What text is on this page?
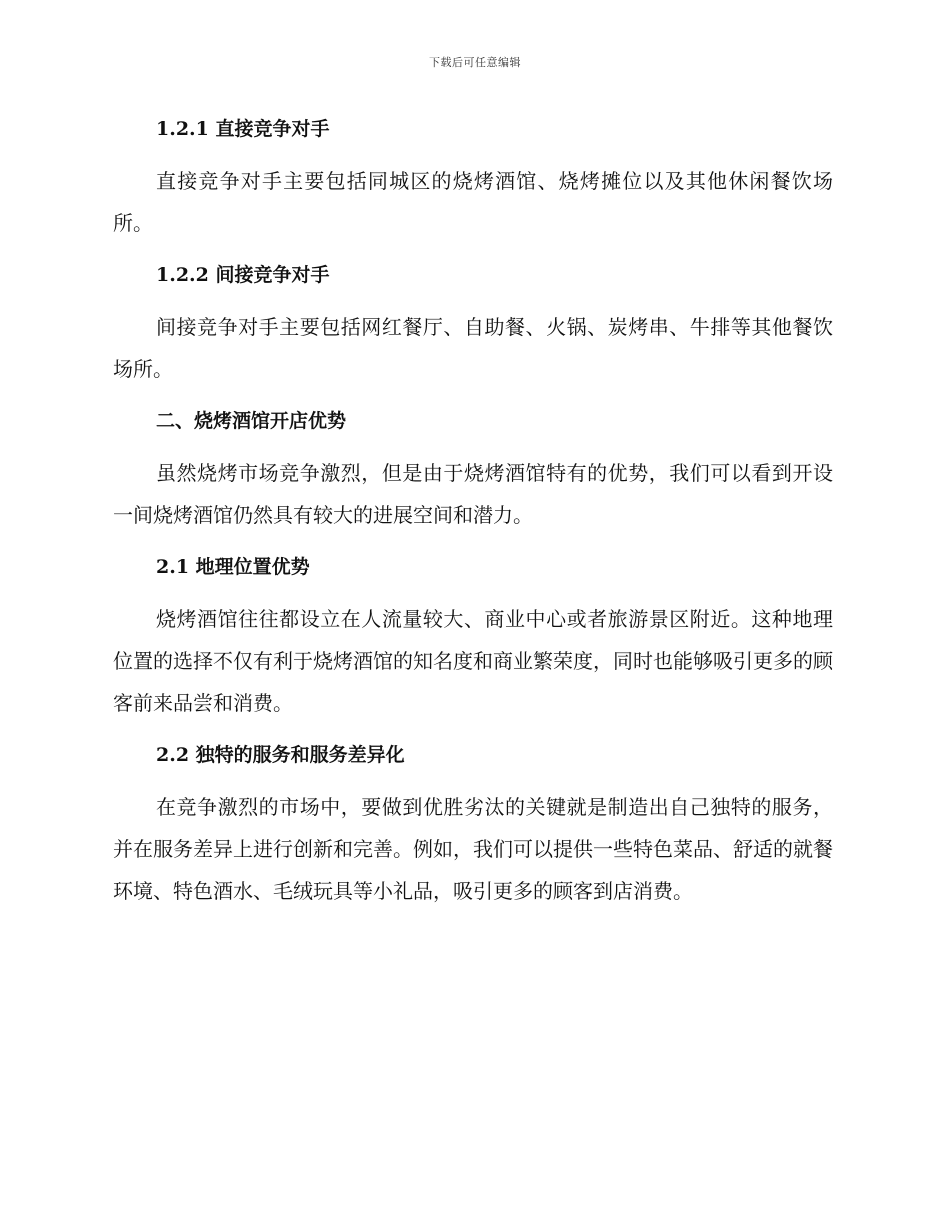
下载后可任意编辑
1.2.1 直接竞争对手

直接竞争对手主要包括同城区的烧烤酒馆、烧烤摊位以及其他休闲餐饮场所。

1.2.2 间接竞争对手

间接竞争对手主要包括网红餐厅、自助餐、火锅、炭烤串、牛排等其他餐饮场所。

二、烧烤酒馆开店优势

虽然烧烤市场竞争激烈，但是由于烧烤酒馆特有的优势，我们可以看到开设一间烧烤酒馆仍然具有较大的进展空间和潜力。

2.1 地理位置优势

烧烤酒馆往往都设立在人流量较大、商业中心或者旅游景区附近。这种地理位置的选择不仅有利于烧烤酒馆的知名度和商业繁荣度，同时也能够吸引更多的顾客前来品尝和消费。

2.2 独特的服务和服务差异化

在竞争激烈的市场中，要做到优胜劣汰的关键就是制造出自己独特的服务，并在服务差异上进行创新和完善。例如，我们可以提供一些特色菜品、舒适的就餐环境、特色酒水、毛绒玩具等小礼品，吸引更多的顾客到店消费。
